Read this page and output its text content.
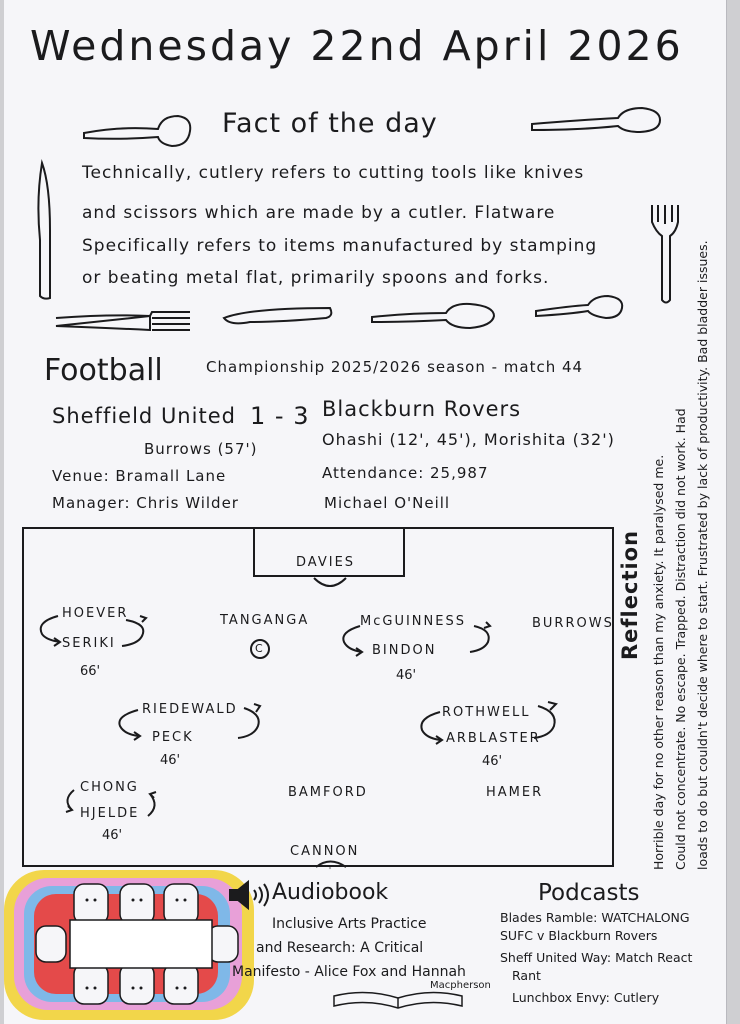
Wednesday 22nd April 2026
Fact of the day
Technically, cutlery refers to cutting tools like knives
and scissors which are made by a cutler. Flatware
Specifically refers to items manufactured by stamping
or beating metal flat, primarily spoons and forks.
Football	Championship 2025/2026 season - match 44
Sheffield United 1 - 3 Blackburn Rovers
Burrows (57')	Ohashi (12', 45'), Morishita (32')
Venue: Bramall Lane	Attendance: 25,987
Manager: Chris Wilder	Michael O'Neill
DAVIES
HOEVER
SERIKI
66'
TANGANGA
C
McGUINNESS
BINDON
46'
BURROWS
RIEDEWALD
PECK
46'
ROTHWELL
ARBLASTER
46'
CHONG
HJELDE
46'
BAMFORD	HAMER
CANNON
Reflection Horrible day for no other reason than my anxiety. It paralysed me. Could not concentrate. No escape. Trapped. Distraction did not work. Had loads to do but couldn't decide where to start. Frustrated by lack of productivity. Bad bladder issues.
Audiobook
Inclusive Arts Practice
and Research: A Critical
Manifesto - Alice Fox and Hannah
Macpherson
Podcasts
Blades Ramble: WATCHALONG
SUFC v Blackburn Rovers
Sheff United Way: Match React
Rant
Lunchbox Envy: Cutlery
